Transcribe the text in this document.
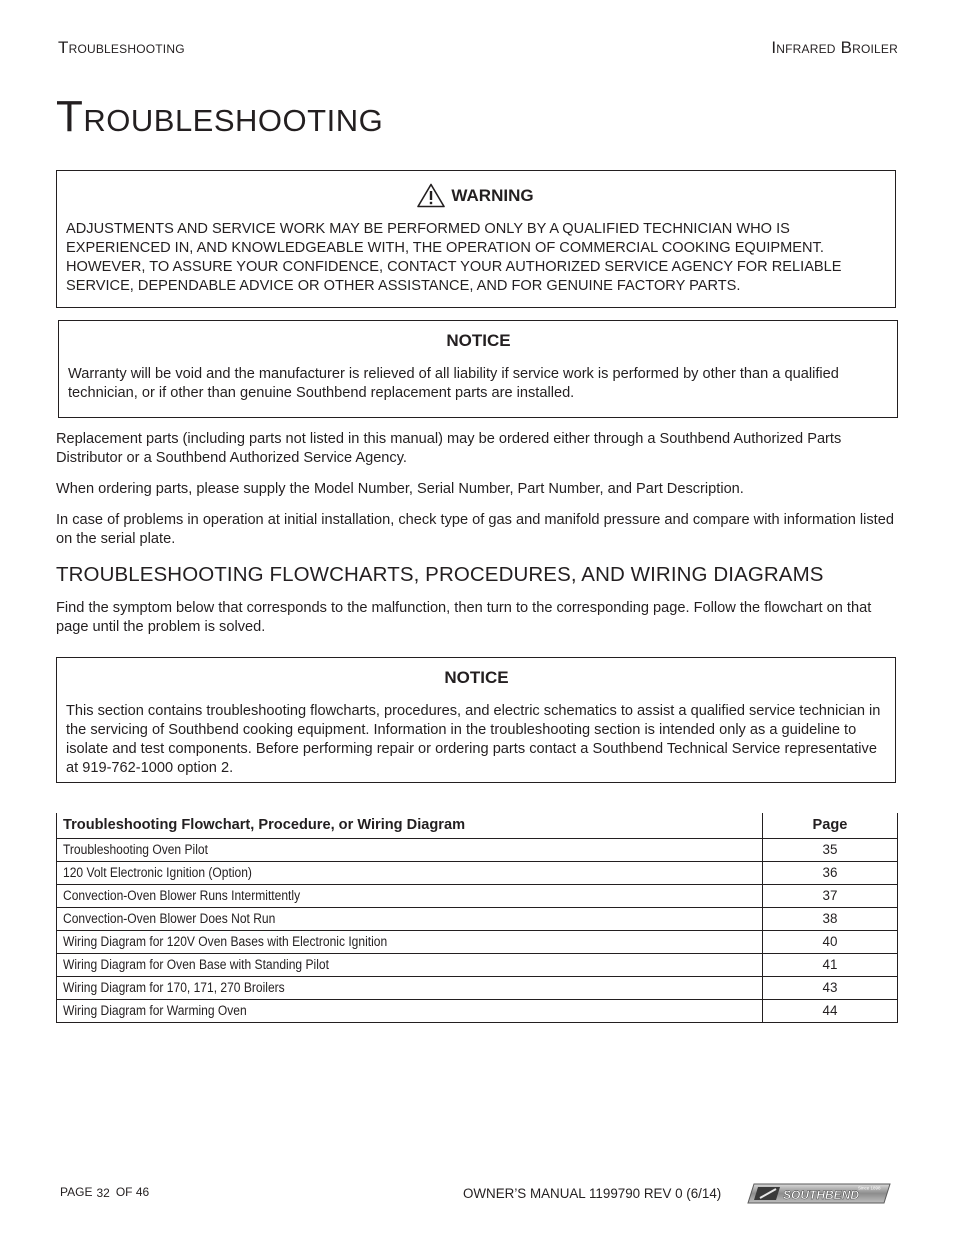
Troubleshooting	Infrared Broiler
Troubleshooting
WARNING
ADJUSTMENTS AND SERVICE WORK MAY BE PERFORMED ONLY BY A QUALIFIED TECHNICIAN WHO IS EXPERIENCED IN, AND KNOWLEDGEABLE WITH, THE OPERATION OF COMMERCIAL COOKING EQUIPMENT. HOWEVER, TO ASSURE YOUR CONFIDENCE, CONTACT YOUR AUTHORIZED SERVICE AGENCY FOR RELIABLE SERVICE, DEPENDABLE ADVICE OR OTHER ASSISTANCE, AND FOR GENUINE FACTORY PARTS.
NOTICE
Warranty will be void and the manufacturer is relieved of all liability if service work is performed by other than a qualified technician, or if other than genuine Southbend replacement parts are installed.

Replacement parts (including parts not listed in this manual) may be ordered either through a Southbend Authorized Parts Distributor or a Southbend Authorized Service Agency.

When ordering parts, please supply the Model Number, Serial Number, Part Number, and Part Description.

In case of problems in operation at initial installation, check type of gas and manifold pressure and compare with information listed on the serial plate.

TROUBLESHOOTING FLOWCHARTS, PROCEDURES, AND WIRING DIAGRAMS

Find the symptom below that corresponds to the malfunction, then turn to the corresponding page. Follow the flowchart on that page until the problem is solved.

NOTICE
This section contains troubleshooting flowcharts, procedures, and electric schematics to assist a qualified service technician in the servicing of Southbend cooking equipment. Information in the troubleshooting section is intended only as a guideline to isolate and test components. Before performing repair or ordering parts contact a Southbend Technical Service representative at 919-762-1000 option 2.
Troubleshooting Flowchart, Procedure, or Wiring Diagram	Page
Troubleshooting Oven Pilot	35
120 Volt Electronic Ignition (Option)	36
Convection-Oven Blower Runs Intermittently	37
Convection-Oven Blower Does Not Run	38
Wiring Diagram for 120V Oven Bases with Electronic Ignition	40
Wiring Diagram for Oven Base with Standing Pilot	41
Wiring Diagram for 170, 171, 270 Broilers	43
Wiring Diagram for Warming Oven	44
PAGE 32 OF 46	OWNER’S MANUAL 1199790 REV 0 (6/14)	SOUTHBEND
Since 1898
